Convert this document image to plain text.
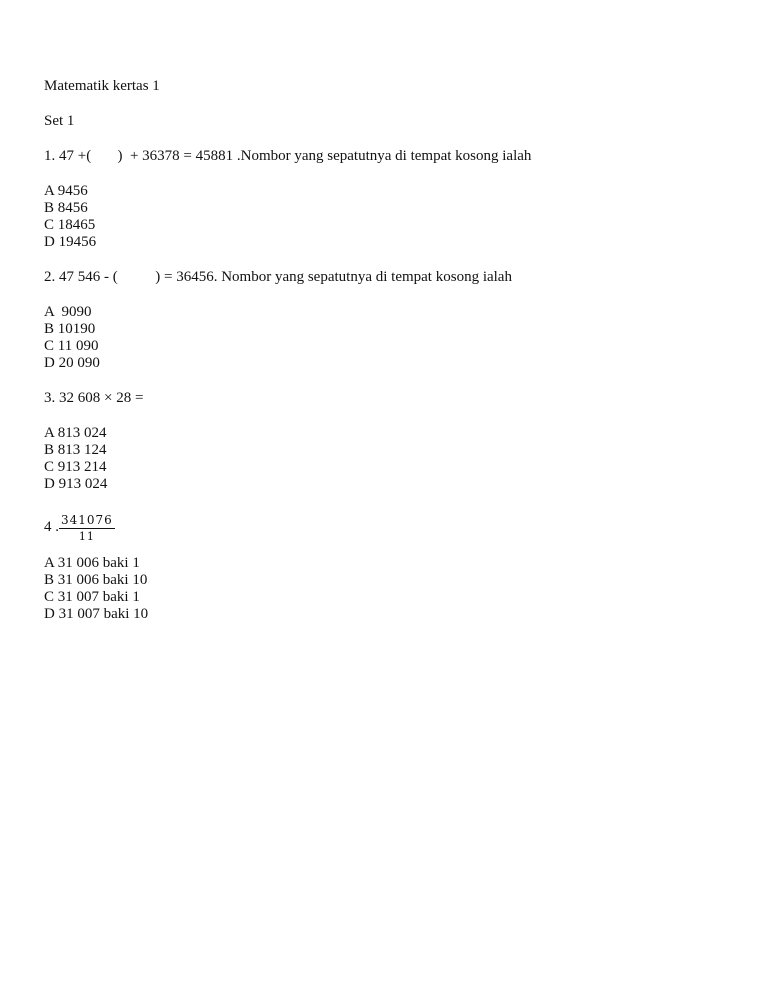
Matematik kertas 1

Set 1

1. 47 +(       )  + 36378 = 45881 .Nombor yang sepatutnya di tempat kosong ialah

A 9456

B 8456

C 18465

D 19456

2. 47 546 - (          ) = 36456. Nombor yang sepatutnya di tempat kosong ialah

A  9090

B 10190

C 11 090

D 20 090

3. 32 608 × 28 =

A 813 024

B 813 124

C 913 214

D 913 024

4 . $\frac{341076}{11}$

A 31 006 baki 1

B 31 006 baki 10

C 31 007 baki 1

D 31 007 baki 10
